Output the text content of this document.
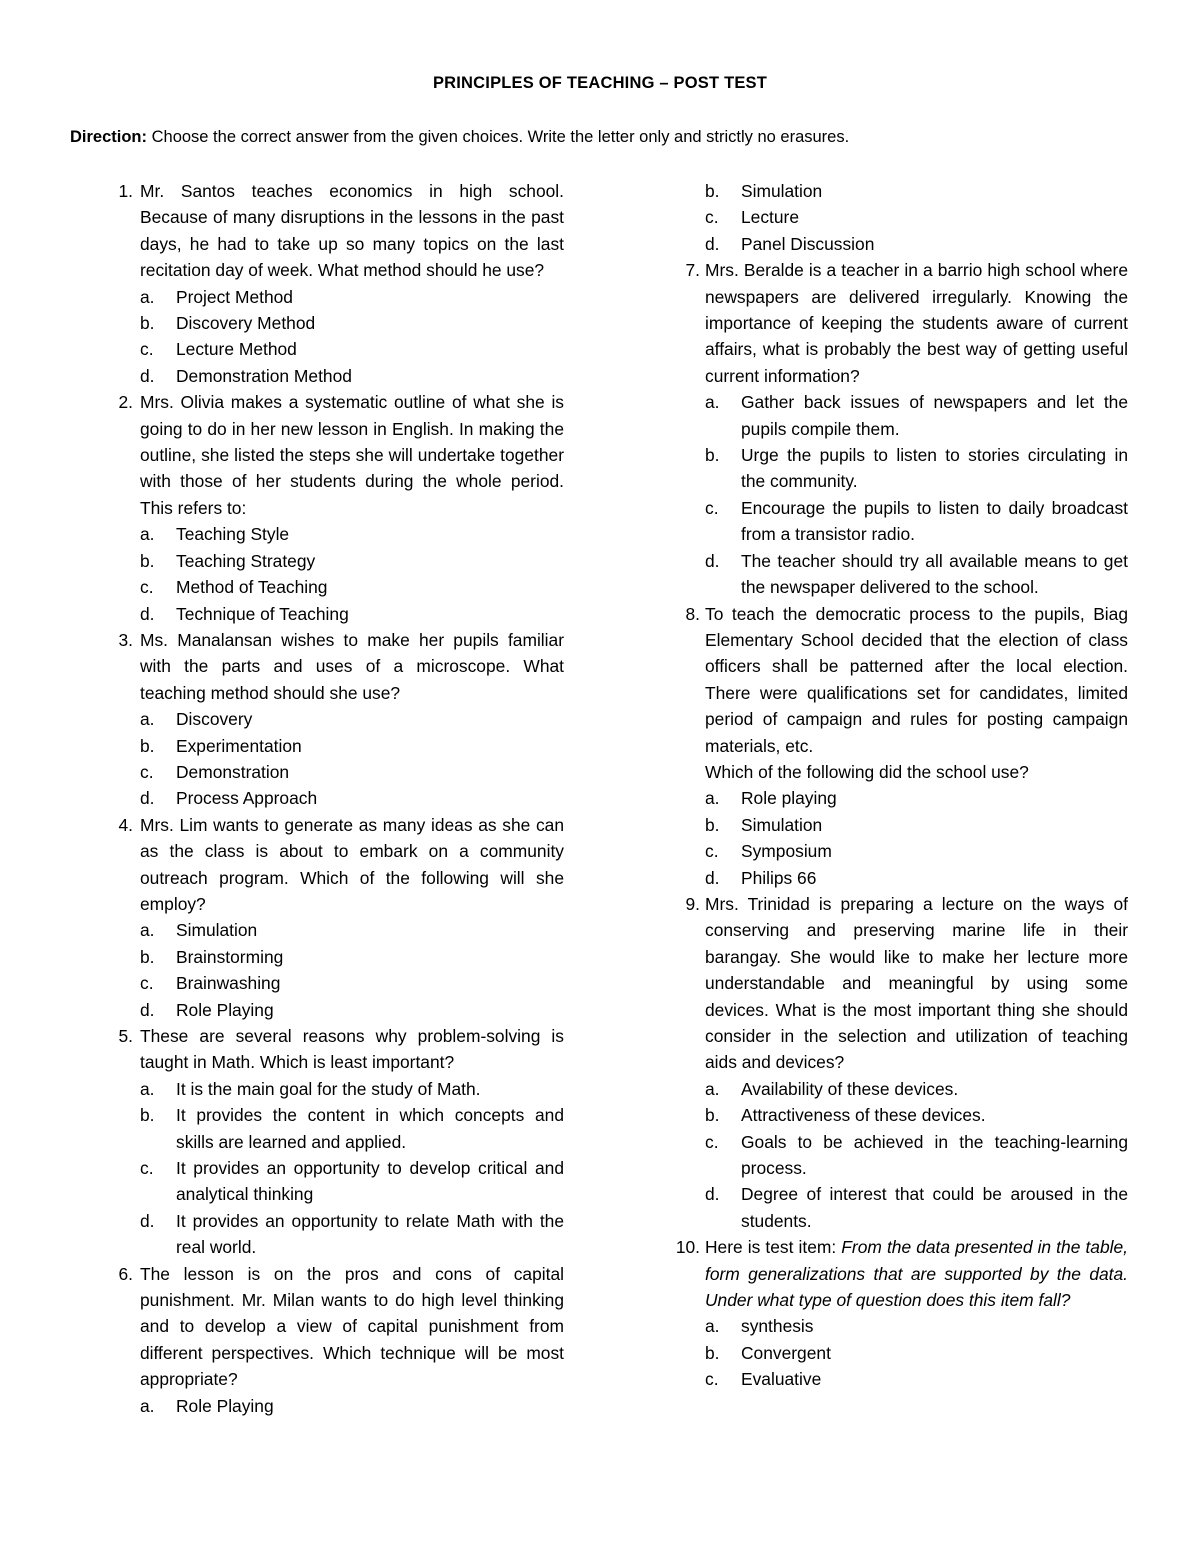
PRINCIPLES OF TEACHING – POST TEST
Direction: Choose the correct answer from the given choices. Write the letter only and strictly no erasures.
1. Mr. Santos teaches economics in high school. Because of many disruptions in the lessons in the past days, he had to take up so many topics on the last recitation day of week. What method should he use?
a. Project Method
b. Discovery Method
c. Lecture Method
d. Demonstration Method
2. Mrs. Olivia makes a systematic outline of what she is going to do in her new lesson in English. In making the outline, she listed the steps she will undertake together with those of her students during the whole period. This refers to:
a. Teaching Style
b. Teaching Strategy
c. Method of Teaching
d. Technique of Teaching
3. Ms. Manalansan wishes to make her pupils familiar with the parts and uses of a microscope. What teaching method should she use?
a. Discovery
b. Experimentation
c. Demonstration
d. Process Approach
4. Mrs. Lim wants to generate as many ideas as she can as the class is about to embark on a community outreach program. Which of the following will she employ?
a. Simulation
b. Brainstorming
c. Brainwashing
d. Role Playing
5. These are several reasons why problem-solving is taught in Math. Which is least important?
a. It is the main goal for the study of Math.
b. It provides the content in which concepts and skills are learned and applied.
c. It provides an opportunity to develop critical and analytical thinking
d. It provides an opportunity to relate Math with the real world.
6. The lesson is on the pros and cons of capital punishment. Mr. Milan wants to do high level thinking and to develop a view of capital punishment from different perspectives. Which technique will be most appropriate?
a. Role Playing
b. Simulation
c. Lecture
d. Panel Discussion
7. Mrs. Beralde is a teacher in a barrio high school where newspapers are delivered irregularly. Knowing the importance of keeping the students aware of current affairs, what is probably the best way of getting useful current information?
a. Gather back issues of newspapers and let the pupils compile them.
b. Urge the pupils to listen to stories circulating in the community.
c. Encourage the pupils to listen to daily broadcast from a transistor radio.
d. The teacher should try all available means to get the newspaper delivered to the school.
8. To teach the democratic process to the pupils, Biag Elementary School decided that the election of class officers shall be patterned after the local election. There were qualifications set for candidates, limited period of campaign and rules for posting campaign materials, etc.
Which of the following did the school use?
a. Role playing
b. Simulation
c. Symposium
d. Philips 66
9. Mrs. Trinidad is preparing a lecture on the ways of conserving and preserving marine life in their barangay. She would like to make her lecture more understandable and meaningful by using some devices. What is the most important thing she should consider in the selection and utilization of teaching aids and devices?
a. Availability of these devices.
b. Attractiveness of these devices.
c. Goals to be achieved in the teaching-learning process.
d. Degree of interest that could be aroused in the students.
10. Here is test item: From the data presented in the table, form generalizations that are supported by the data. Under what type of question does this item fall?
a. synthesis
b. Convergent
c. Evaluative
